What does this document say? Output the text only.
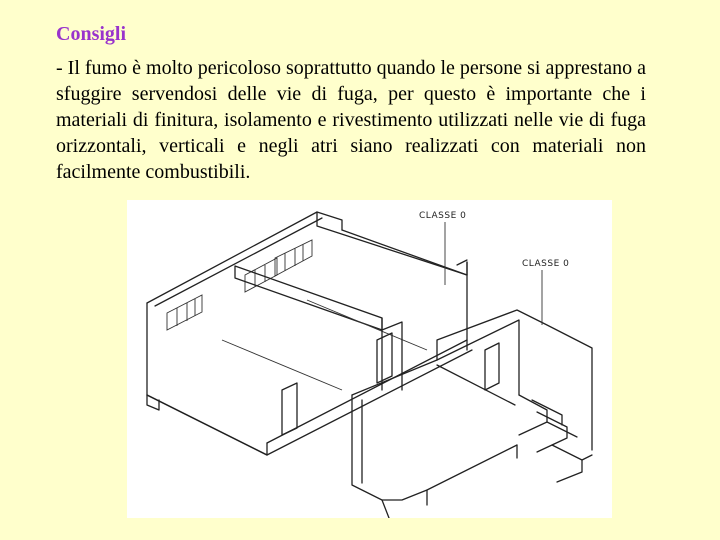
Consigli

- Il fumo è molto pericoloso soprattutto quando le persone si apprestano a sfuggire servendosi delle vie di fuga, per questo è importante che i materiali di finitura, isolamento e rivestimento utilizzati nelle vie di fuga orizzontali, verticali e negli atri siano realizzati con materiali non facilmente combustibili.

CLASSE 0
CLASSE 0
